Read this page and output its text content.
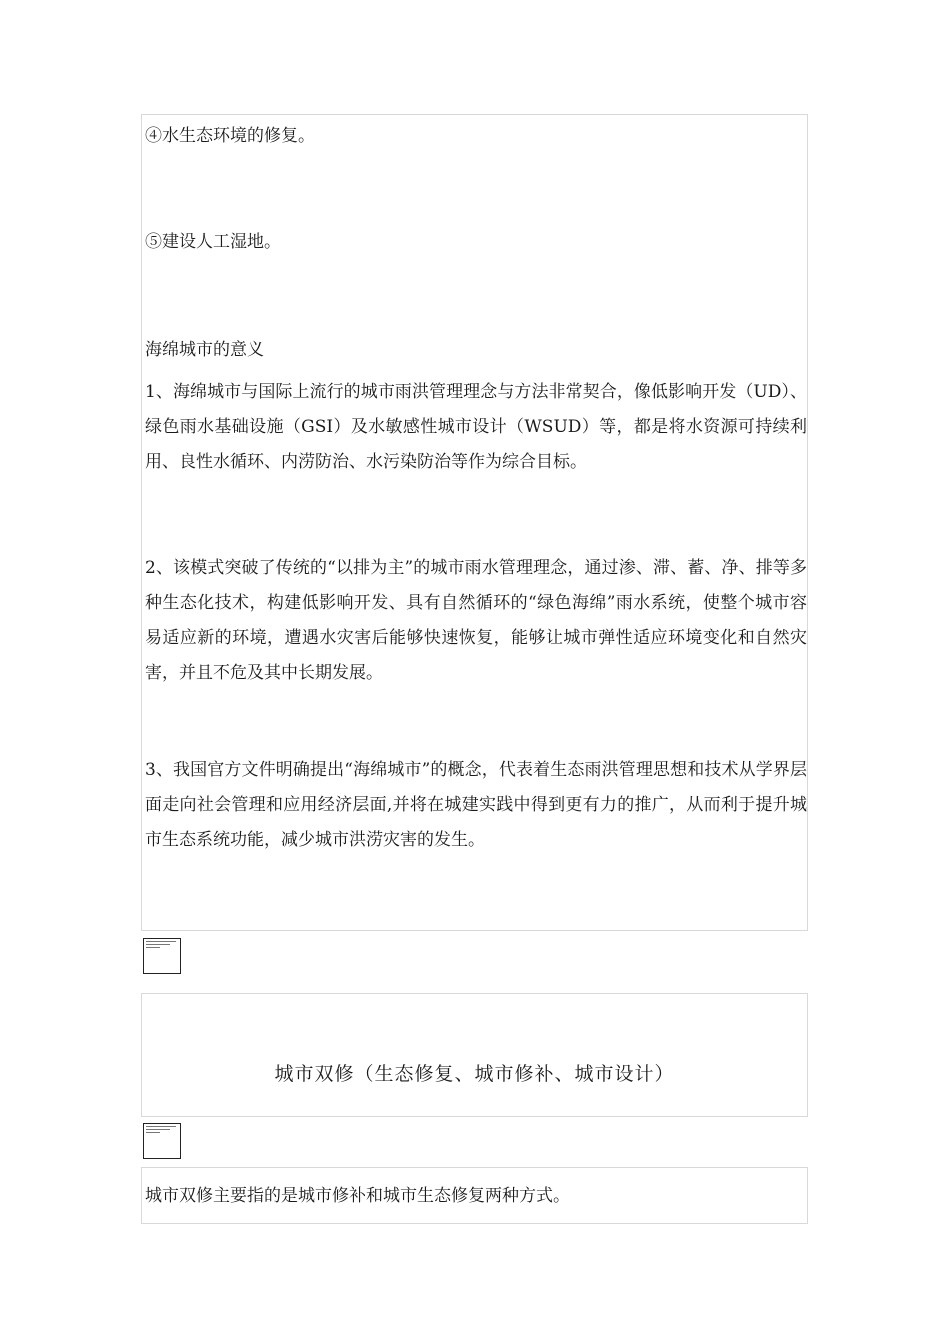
④水生态环境的修复。

⑤建设人工湿地。

海绵城市的意义

1、海绵城市与国际上流行的城市雨洪管理理念与方法非常契合，像低影响开发（UD）、绿色雨水基础设施（GSI）及水敏感性城市设计（WSUD）等，都是将水资源可持续利用、良性水循环、内涝防治、水污染防治等作为综合目标。

2、该模式突破了传统的“以排为主”的城市雨水管理理念，通过渗、滞、蓄、净、排等多种生态化技术，构建低影响开发、具有自然循环的“绿色海绵”雨水系统，使整个城市容易适应新的环境，遭遇水灾害后能够快速恢复，能够让城市弹性适应环境变化和自然灾害，并且不危及其中长期发展。

3、我国官方文件明确提出“海绵城市”的概念，代表着生态雨洪管理思想和技术从学界层面走向社会管理和应用经济层面,并将在城建实践中得到更有力的推广，从而利于提升城市生态系统功能，减少城市洪涝灾害的发生。

城市双修（生态修复、城市修补、城市设计）

城市双修主要指的是城市修补和城市生态修复两种方式。
